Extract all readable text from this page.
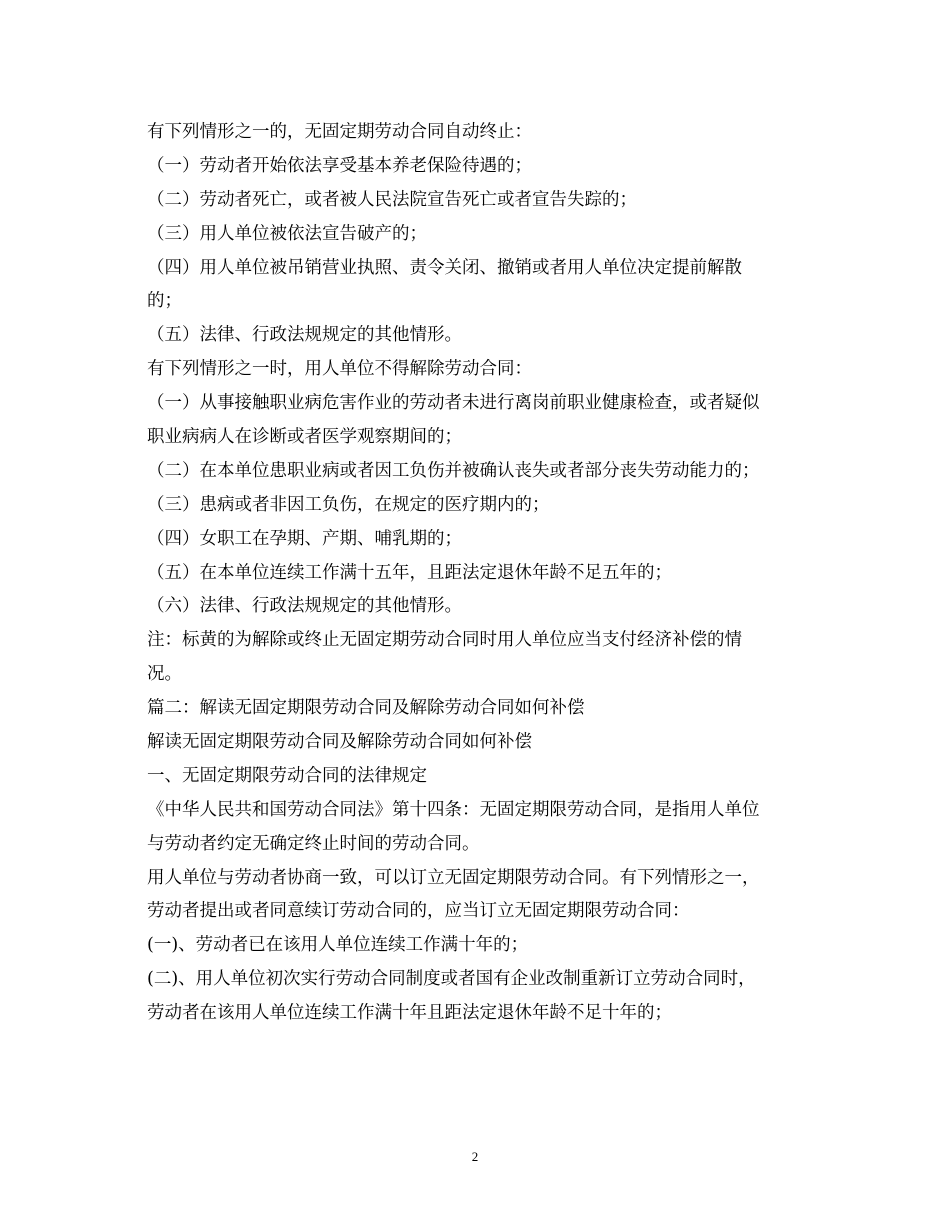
有下列情形之一的，无固定期劳动合同自动终止：
（一）劳动者开始依法享受基本养老保险待遇的；
（二）劳动者死亡，或者被人民法院宣告死亡或者宣告失踪的；
（三）用人单位被依法宣告破产的；
（四）用人单位被吊销营业执照、责令关闭、撤销或者用人单位决定提前解散
的；
（五）法律、行政法规规定的其他情形。
有下列情形之一时，用人单位不得解除劳动合同：
（一）从事接触职业病危害作业的劳动者未进行离岗前职业健康检查，或者疑似
职业病病人在诊断或者医学观察期间的；
（二）在本单位患职业病或者因工负伤并被确认丧失或者部分丧失劳动能力的；
（三）患病或者非因工负伤，在规定的医疗期内的；
（四）女职工在孕期、产期、哺乳期的；
（五）在本单位连续工作满十五年，且距法定退休年龄不足五年的；
（六）法律、行政法规规定的其他情形。
注：标黄的为解除或终止无固定期劳动合同时用人单位应当支付经济补偿的情
况。
篇二：解读无固定期限劳动合同及解除劳动合同如何补偿
解读无固定期限劳动合同及解除劳动合同如何补偿
一、无固定期限劳动合同的法律规定
《中华人民共和国劳动合同法》第十四条：无固定期限劳动合同，是指用人单位
与劳动者约定无确定终止时间的劳动合同。
用人单位与劳动者协商一致，可以订立无固定期限劳动合同。有下列情形之一，
劳动者提出或者同意续订劳动合同的，应当订立无固定期限劳动合同：
(一)、劳动者已在该用人单位连续工作满十年的；
(二)、用人单位初次实行劳动合同制度或者国有企业改制重新订立劳动合同时，
劳动者在该用人单位连续工作满十年且距法定退休年龄不足十年的；
2
